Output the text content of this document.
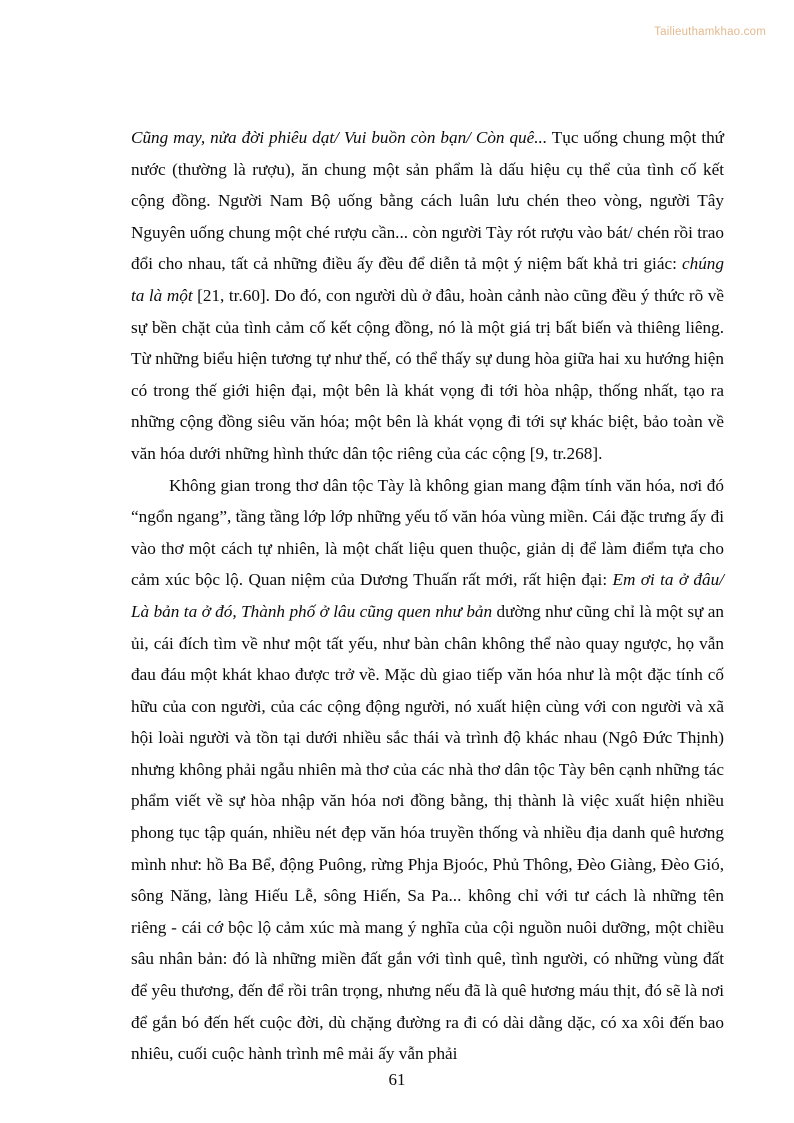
Tailieuthamkhao.com

Cũng may, nửa đời phiêu dạt/ Vui buồn còn bạn/ Còn quê... Tục uống chung một thứ nước (thường là rượu), ăn chung một sản phẩm là dấu hiệu cụ thể của tình cố kết cộng đồng. Người Nam Bộ uống bằng cách luân lưu chén theo vòng, người Tây Nguyên uống chung một ché rượu cần... còn người Tày rót rượu vào bát/ chén rồi trao đổi cho nhau, tất cả những điều ấy đều để diễn tả một ý niệm bất khả tri giác: chúng ta là một [21, tr.60]. Do đó, con người dù ở đâu, hoàn cảnh nào cũng đều ý thức rõ về sự bền chặt của tình cảm cố kết cộng đồng, nó là một giá trị bất biến và thiêng liêng. Từ những biểu hiện tương tự như thế, có thể thấy sự dung hòa giữa hai xu hướng hiện có trong thế giới hiện đại, một bên là khát vọng đi tới hòa nhập, thống nhất, tạo ra những cộng đồng siêu văn hóa; một bên là khát vọng đi tới sự khác biệt, bảo toàn về văn hóa dưới những hình thức dân tộc riêng của các cộng [9, tr.268].

Không gian trong thơ dân tộc Tày là không gian mang đậm tính văn hóa, nơi đó “ngổn ngang”, tầng tầng lớp lớp những yếu tố văn hóa vùng miền. Cái đặc trưng ấy đi vào thơ một cách tự nhiên, là một chất liệu quen thuộc, giản dị để làm điểm tựa cho cảm xúc bộc lộ. Quan niệm của Dương Thuấn rất mới, rất hiện đại: Em ơi ta ở đâu/ Là bản ta ở đó, Thành phố ở lâu cũng quen như bản dường như cũng chỉ là một sự an ủi, cái đích tìm về như một tất yếu, như bàn chân không thể nào quay ngược, họ vẫn đau đáu một khát khao được trở về. Mặc dù giao tiếp văn hóa như là một đặc tính cố hữu của con người, của các cộng động người, nó xuất hiện cùng với con người và xã hội loài người và tồn tại dưới nhiều sắc thái và trình độ khác nhau (Ngô Đức Thịnh) nhưng không phải ngẫu nhiên mà thơ của các nhà thơ dân tộc Tày bên cạnh những tác phẩm viết về sự hòa nhập văn hóa nơi đồng bằng, thị thành là việc xuất hiện nhiều phong tục tập quán, nhiều nét đẹp văn hóa truyền thống và nhiều địa danh quê hương mình như: hồ Ba Bể, động Puông, rừng Phja Bjoóc, Phủ Thông, Đèo Giàng, Đèo Gió, sông Năng, làng Hiếu Lễ, sông Hiến, Sa Pa... không chỉ với tư cách là những tên riêng - cái cớ bộc lộ cảm xúc mà mang ý nghĩa của cội nguồn nuôi dưỡng, một chiều sâu nhân bản: đó là những miền đất gắn với tình quê, tình người, có những vùng đất để yêu thương, đến để rồi trân trọng, nhưng nếu đã là quê hương máu thịt, đó sẽ là nơi để gắn bó đến hết cuộc đời, dù chặng đường ra đi có dài dằng dặc, có xa xôi đến bao nhiêu, cuối cuộc hành trình mê mải ấy vẫn phải

61
